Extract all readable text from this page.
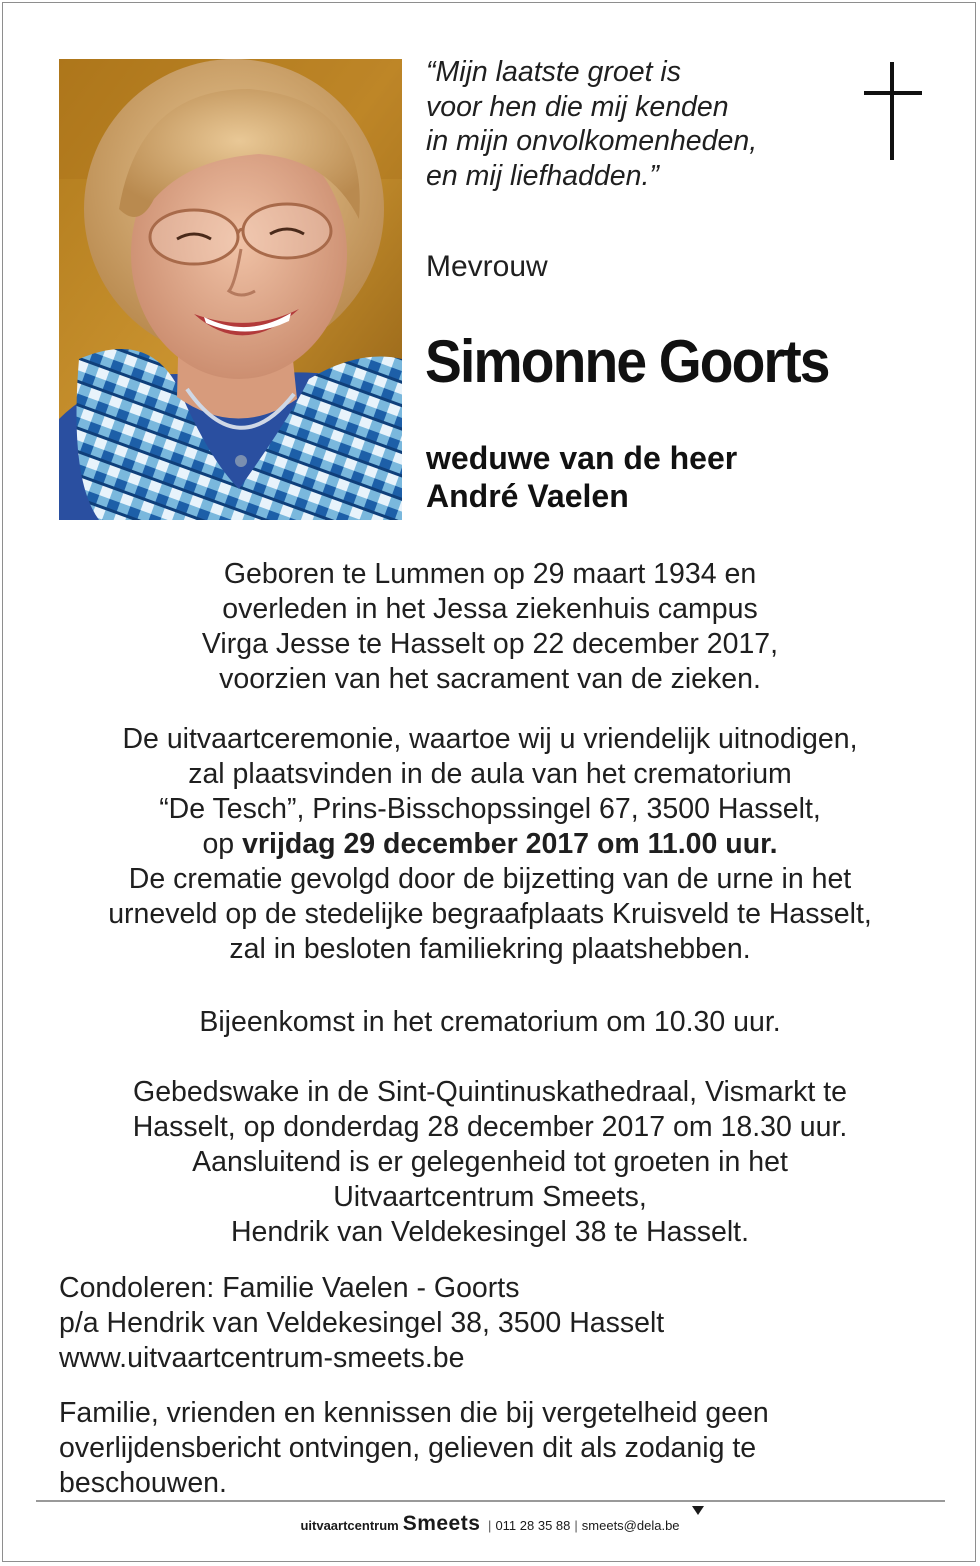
“Mijn laatste groet is
voor hen die mij kenden
in mijn onvolkomenheden,
en mij liefhadden.”
Mevrouw
Simonne Goorts
weduwe van de heer
André Vaelen
Geboren te Lummen op 29 maart 1934 en
overleden in het Jessa ziekenhuis campus
Virga Jesse te Hasselt op 22 december 2017,
voorzien van het sacrament van de zieken.
De uitvaartceremonie, waartoe wij u vriendelijk uitnodigen,
zal plaatsvinden in de aula van het crematorium
“De Tesch”, Prins-Bisschopssingel 67, 3500 Hasselt,
op vrijdag 29 december 2017 om 11.00 uur.
De crematie gevolgd door de bijzetting van de urne in het
urneveld op de stedelijke begraafplaats Kruisveld te Hasselt,
zal in besloten familiekring plaatshebben.
Bijeenkomst in het crematorium om 10.30 uur.
Gebedswake in de Sint-Quintinuskathedraal, Vismarkt te
Hasselt, op donderdag 28 december 2017 om 18.30 uur.
Aansluitend is er gelegenheid tot groeten in het
Uitvaartcentrum Smeets,
Hendrik van Veldekesingel 38 te Hasselt.
Condoleren: Familie Vaelen - Goorts
p/a Hendrik van Veldekesingel 38, 3500 Hasselt
www.uitvaartcentrum-smeets.be
Familie, vrienden en kennissen die bij vergetelheid geen
overlijdensbericht ontvingen, gelieven dit als zodanig te
beschouwen.
uitvaartcentrum Smeets | 011 28 35 88 | smeets@dela.be
